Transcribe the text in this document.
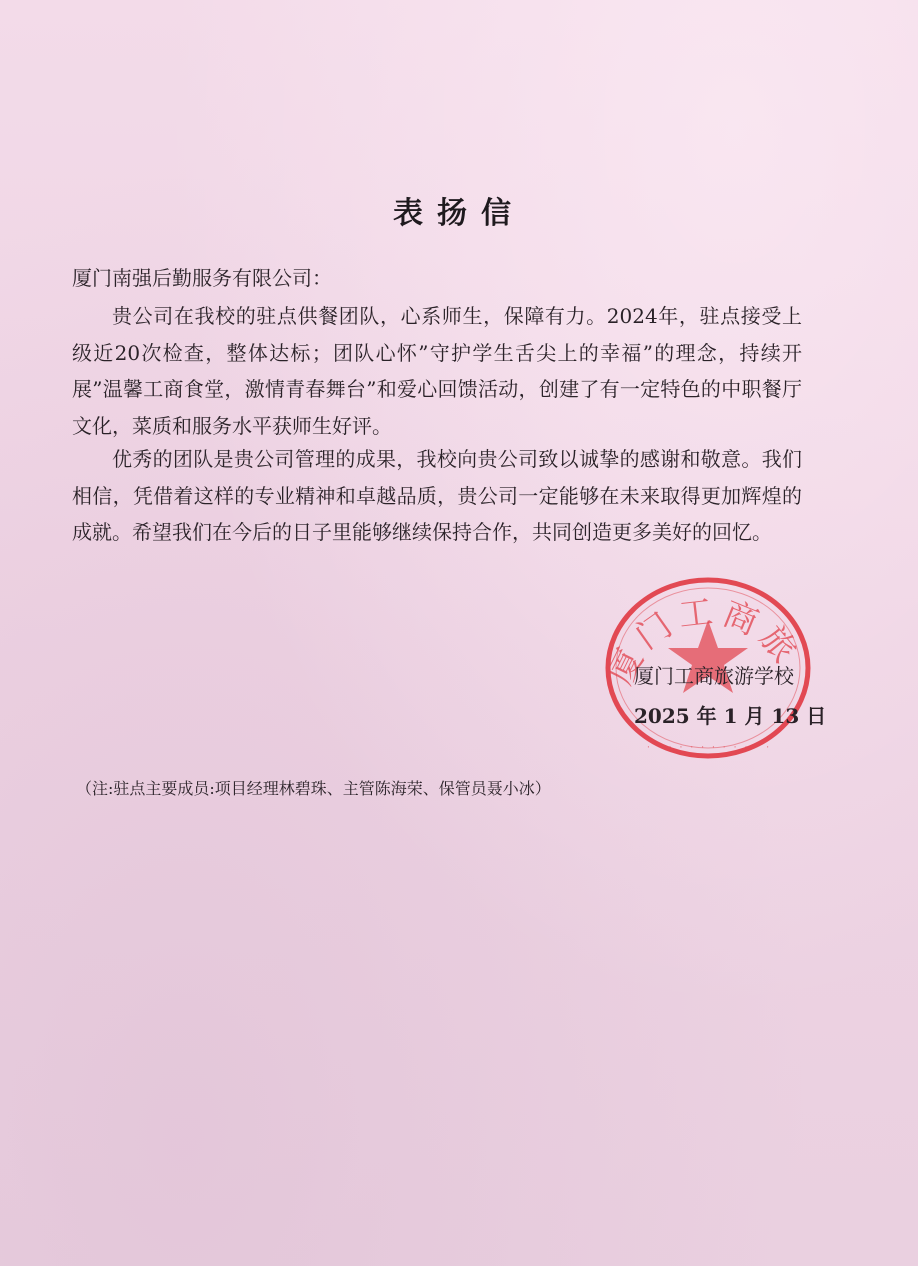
表扬信
厦门南强后勤服务有限公司：
贵公司在我校的驻点供餐团队，心系师生，保障有力。2024年，驻点接受上级近20次检查，整体达标；团队心怀”守护学生舌尖上的幸福”的理念，持续开展”温馨工商食堂，激情青春舞台”和爱心回馈活动，创建了有一定特色的中职餐厅文化，菜质和服务水平获师生好评。
优秀的团队是贵公司管理的成果，我校向贵公司致以诚挚的感谢和敬意。我们相信，凭借着这样的专业精神和卓越品质，贵公司一定能够在未来取得更加辉煌的成就。希望我们在今后的日子里能够继续保持合作，共同创造更多美好的回忆。
厦门工商旅
· · · · · · · · · · · ·
厦门工商旅游学校
2025 年 1 月 13 日
（注:驻点主要成员:项目经理林碧珠、主管陈海荣、保管员聂小冰）
